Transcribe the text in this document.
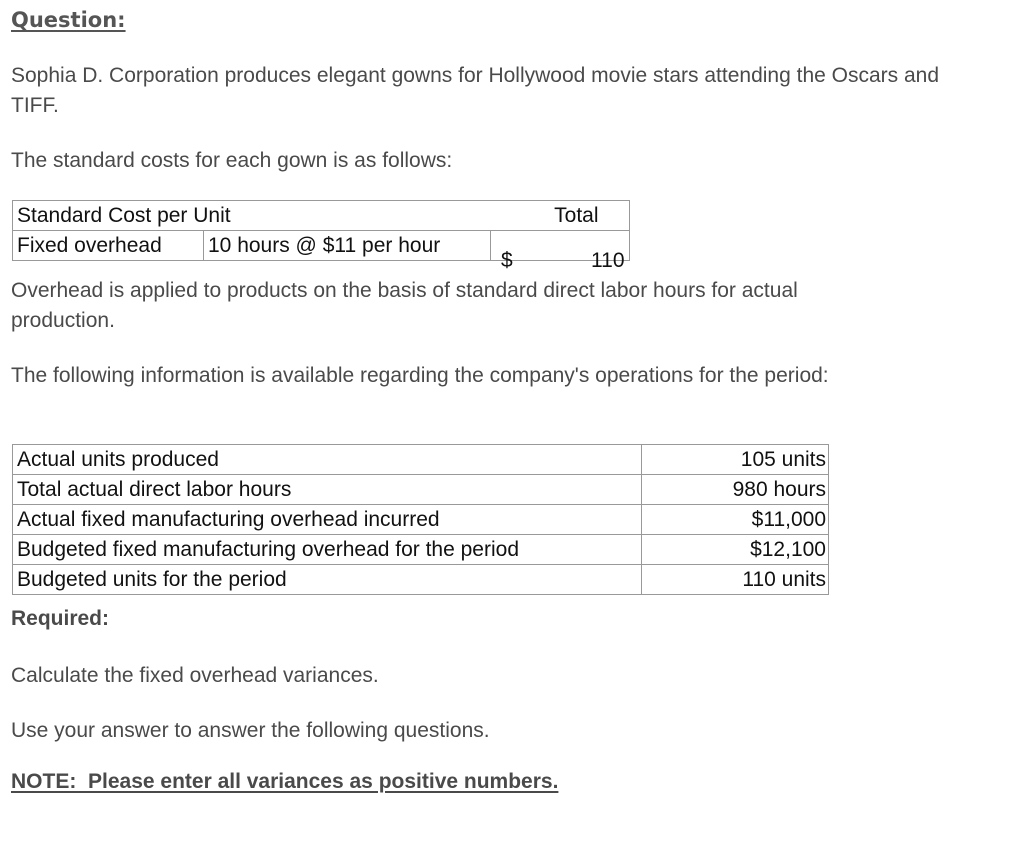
Question:

Sophia D. Corporation produces elegant gowns for Hollywood movie stars attending the Oscars and TIFF.

The standard costs for each gown is as follows:

Standard Cost per Unit		Total
Fixed overhead	10 hours @ $11 per hour	$ 110

Overhead is applied to products on the basis of standard direct labor hours for actual production.

The following information is available regarding the company's operations for the period:

Actual units produced	105 units
Total actual direct labor hours	980 hours
Actual fixed manufacturing overhead incurred	$11,000
Budgeted fixed manufacturing overhead for the period	$12,100
Budgeted units for the period	110 units

Required:

Calculate the fixed overhead variances.

Use your answer to answer the following questions.

NOTE:  Please enter all variances as positive numbers.
